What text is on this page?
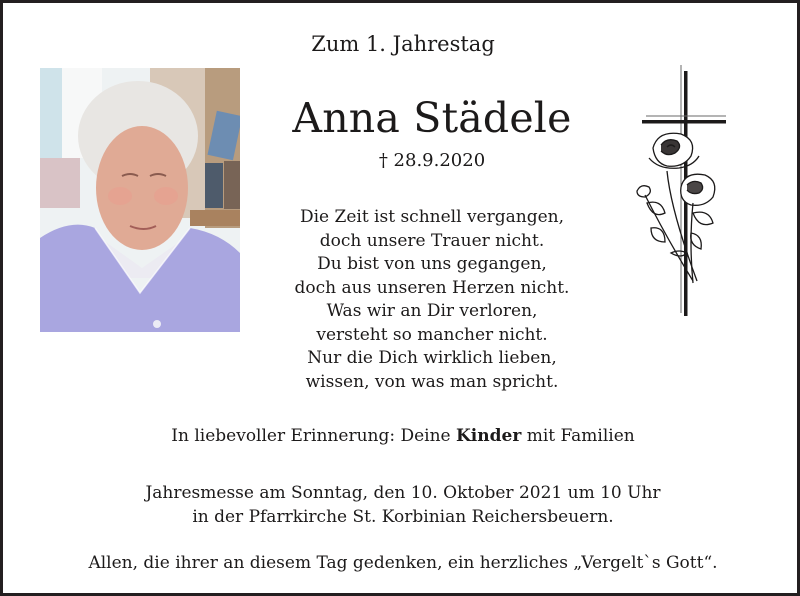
Zum 1. Jahrestag
Anna Städele
† 28.9.2020
Die Zeit ist schnell vergangen,
doch unsere Trauer nicht.
Du bist von uns gegangen,
doch aus unseren Herzen nicht.
Was wir an Dir verloren,
versteht so mancher nicht.
Nur die Dich wirklich lieben,
wissen, von was man spricht.
In liebevoller Erinnerung: Deine Kinder mit Familien
Jahresmesse am Sonntag, den 10. Oktober 2021 um 10 Uhr
in der Pfarrkirche St. Korbinian Reichersbeuern.
Allen, die ihrer an diesem Tag gedenken, ein herzliches „Vergelt`s Gott“.
